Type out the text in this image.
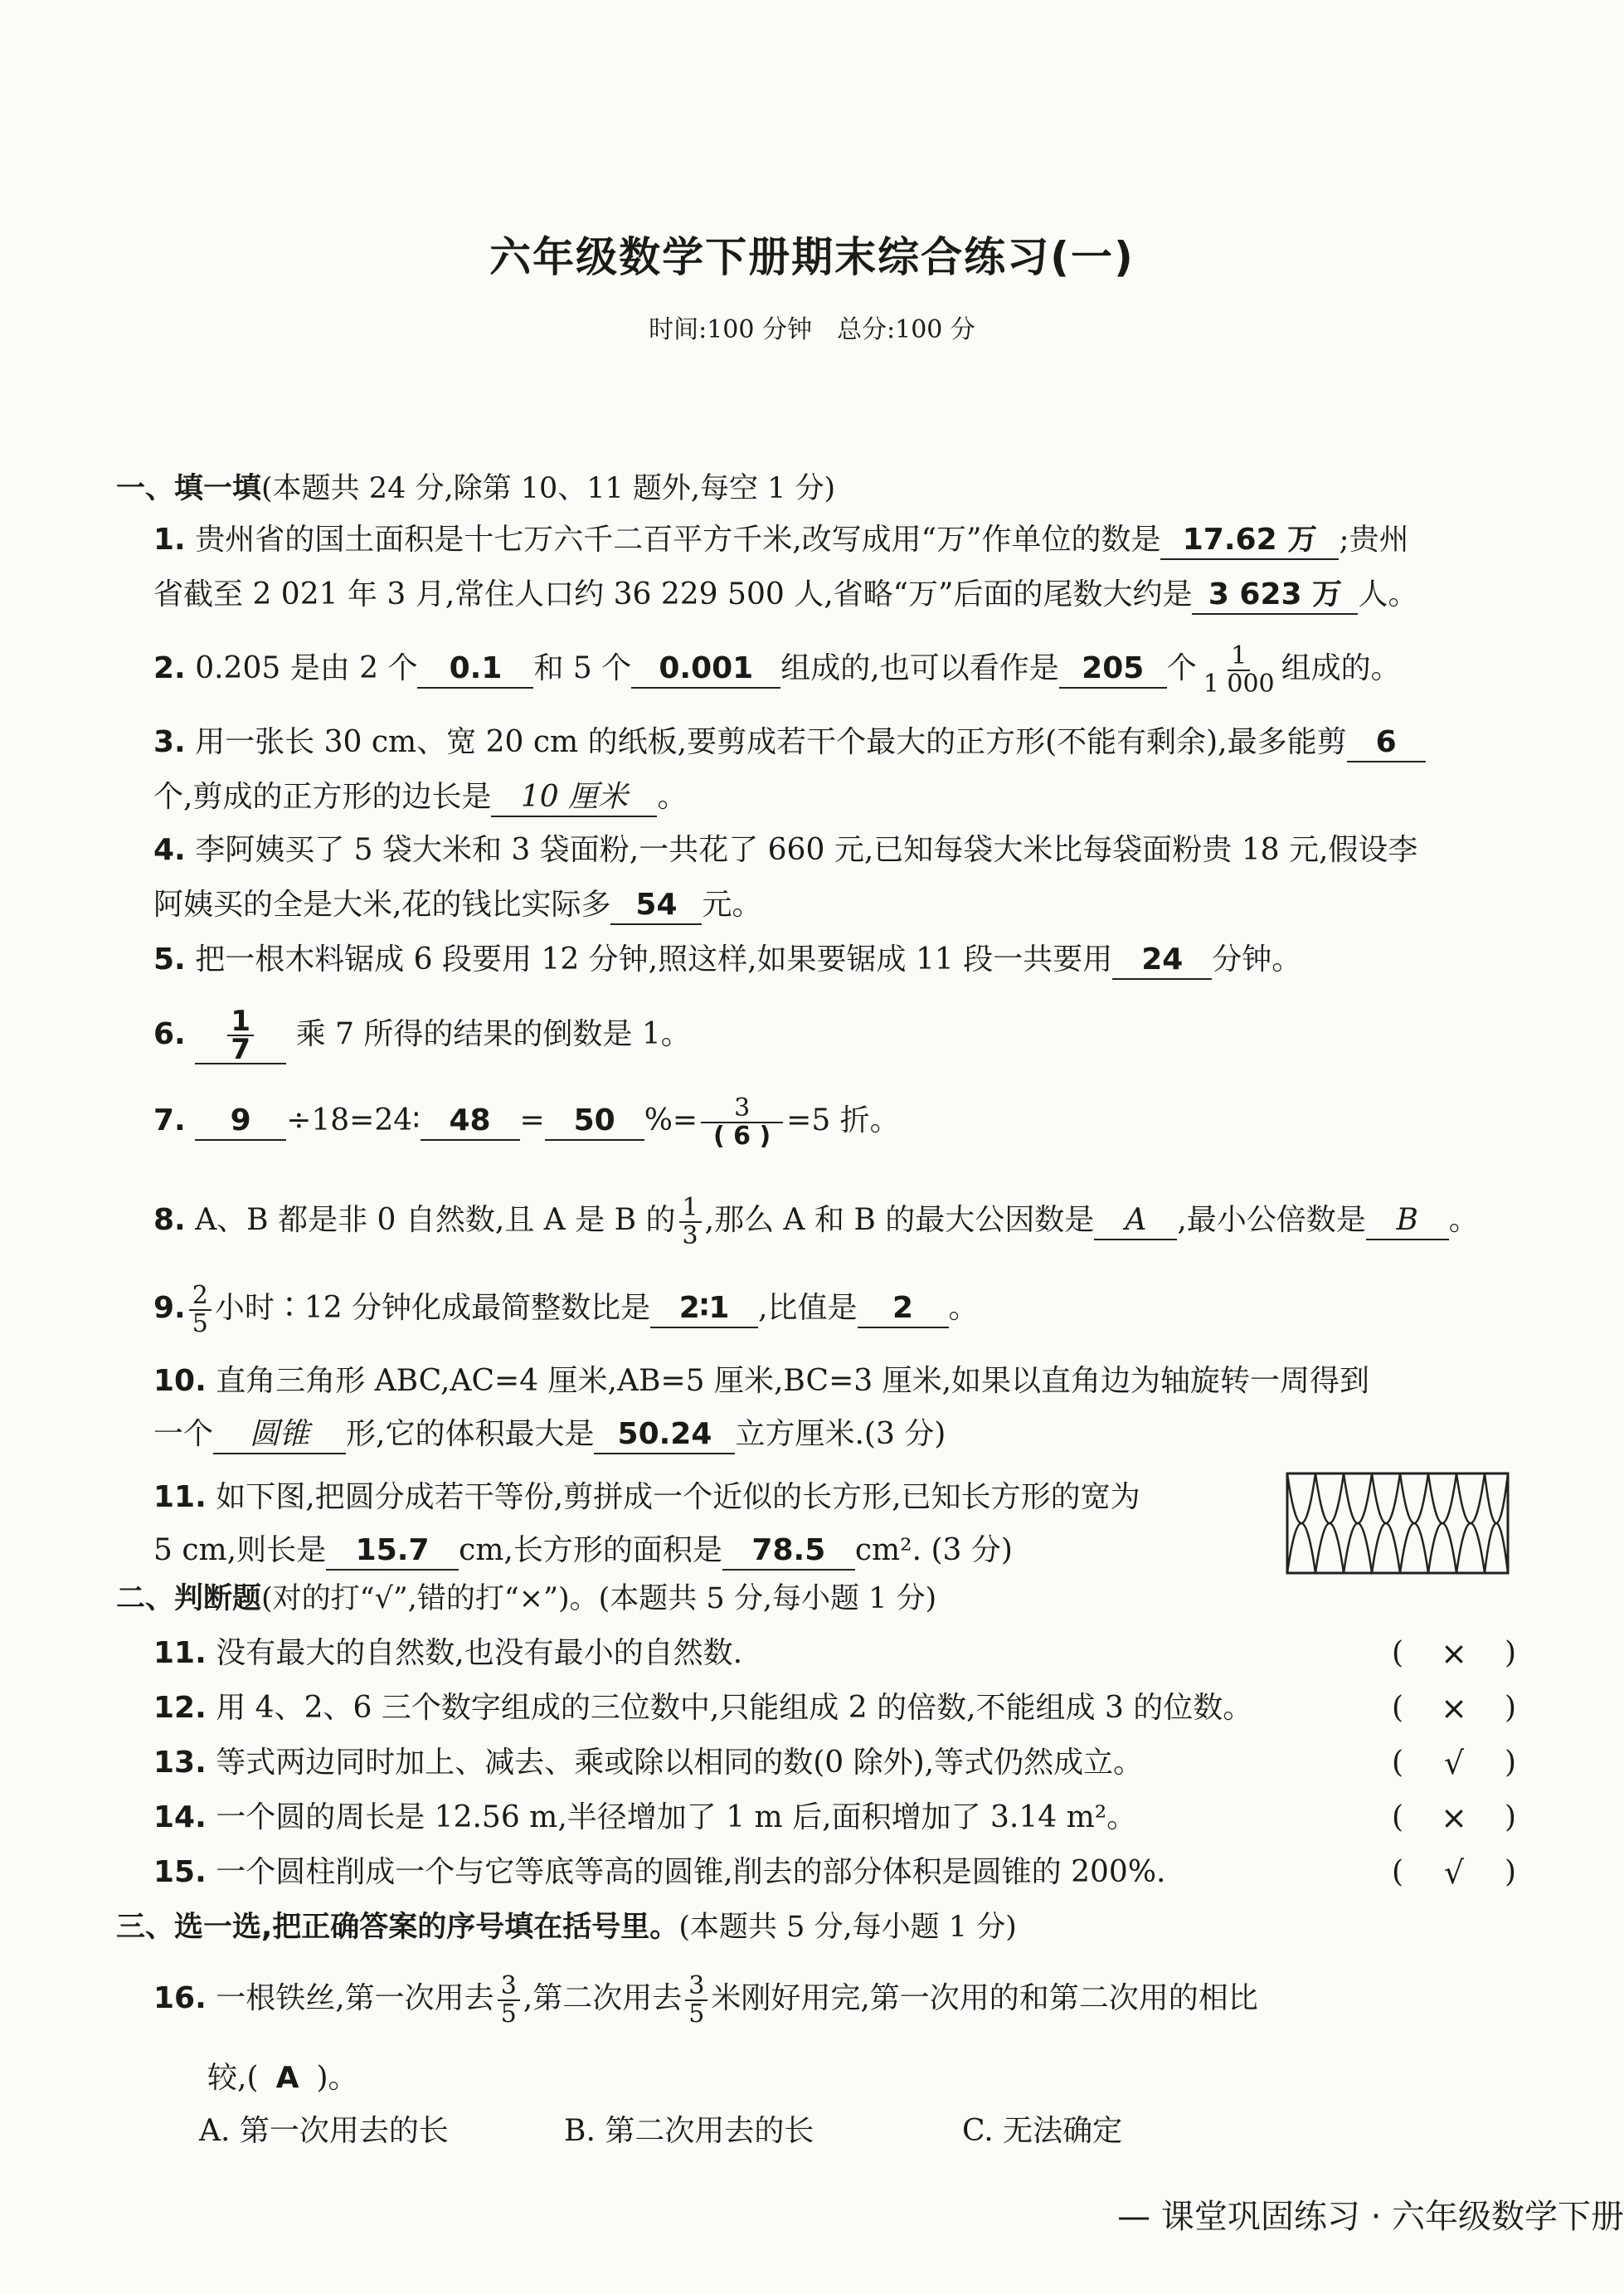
六年级数学下册期末综合练习(一)
时间:100 分钟　总分:100 分
一、填一填(本题共 24 分,除第 10、11 题外,每空 1 分)
1. 贵州省的国土面积是十七万六千二百平方千米,改写成用“万”作单位的数是 17.62 万 ;贵州
省截至 2 021 年 3 月,常住人口约 36 229 500 人,省略“万”后面的尾数大约是 3 623 万 人。
2. 0.205 是由 2 个 0.1 和 5 个 0.001 组成的,也可以看作是 205 个 $\frac{1}{1 000}$ 组成的。
3. 用一张长 30 cm、宽 20 cm 的纸板,要剪成若干个最大的正方形(不能有剩余),最多能剪 6
个,剪成的正方形的边长是 10 厘米 。
4. 李阿姨买了 5 袋大米和 3 袋面粉,一共花了 660 元,已知每袋大米比每袋面粉贵 18 元,假设李
阿姨买的全是大米,花的钱比实际多 54 元。
5. 把一根木料锯成 6 段要用 12 分钟,照这样,如果要锯成 11 段一共要用 24 分钟。
6. $\frac{1}{7}$ 乘 7 所得的结果的倒数是 1。
7. 9 ÷18=24∶ 48 = 50 %= $\frac{3}{( 6 )} =5$ 折。
8. A、B 都是非 0 自然数,且 A 是 B 的 $\frac{1}{3}$ ,那么 A 和 B 的最大公因数是 A ,最小公倍数是 B 。
9. $\frac{2}{5}$ 小时∶12 分钟化成最简整数比是 2∶1 ,比值是 2 。
10. 直角三角形 ABC,AC=4 厘米,AB=5 厘米,BC=3 厘米,如果以直角边为轴旋转一周得到
一个 圆锥 形,它的体积最大是 50.24 立方厘米.(3 分)
11. 如下图,把圆分成若干等份,剪拼成一个近似的长方形,已知长方形的宽为
5 cm,则长是 15.7 cm,长方形的面积是 78.5 cm². (3 分)
二、判断题(对的打“√”,错的打“×”)。(本题共 5 分,每小题 1 分)
11. 没有最大的自然数,也没有最小的自然数.	( × )
12. 用 4、2、6 三个数字组成的三位数中,只能组成 2 的倍数,不能组成 3 的位数。	( × )
13. 等式两边同时加上、减去、乘或除以相同的数(0 除外),等式仍然成立。	( √ )
14. 一个圆的周长是 12.56 m,半径增加了 1 m 后,面积增加了 3.14 m²。	( × )
15. 一个圆柱削成一个与它等底等高的圆锥,削去的部分体积是圆锥的 200%.	( √ )
三、选一选,把正确答案的序号填在括号里。(本题共 5 分,每小题 1 分)
16. 一根铁丝,第一次用去 $\frac{3}{5}$ ,第二次用去 $\frac{3}{5}$ 米刚好用完,第一次用的和第二次用的相比
较,( A )。
A. 第一次用去的长	B. 第二次用去的长	C. 无法确定
— 课堂巩固练习 · 六年级数学下册
